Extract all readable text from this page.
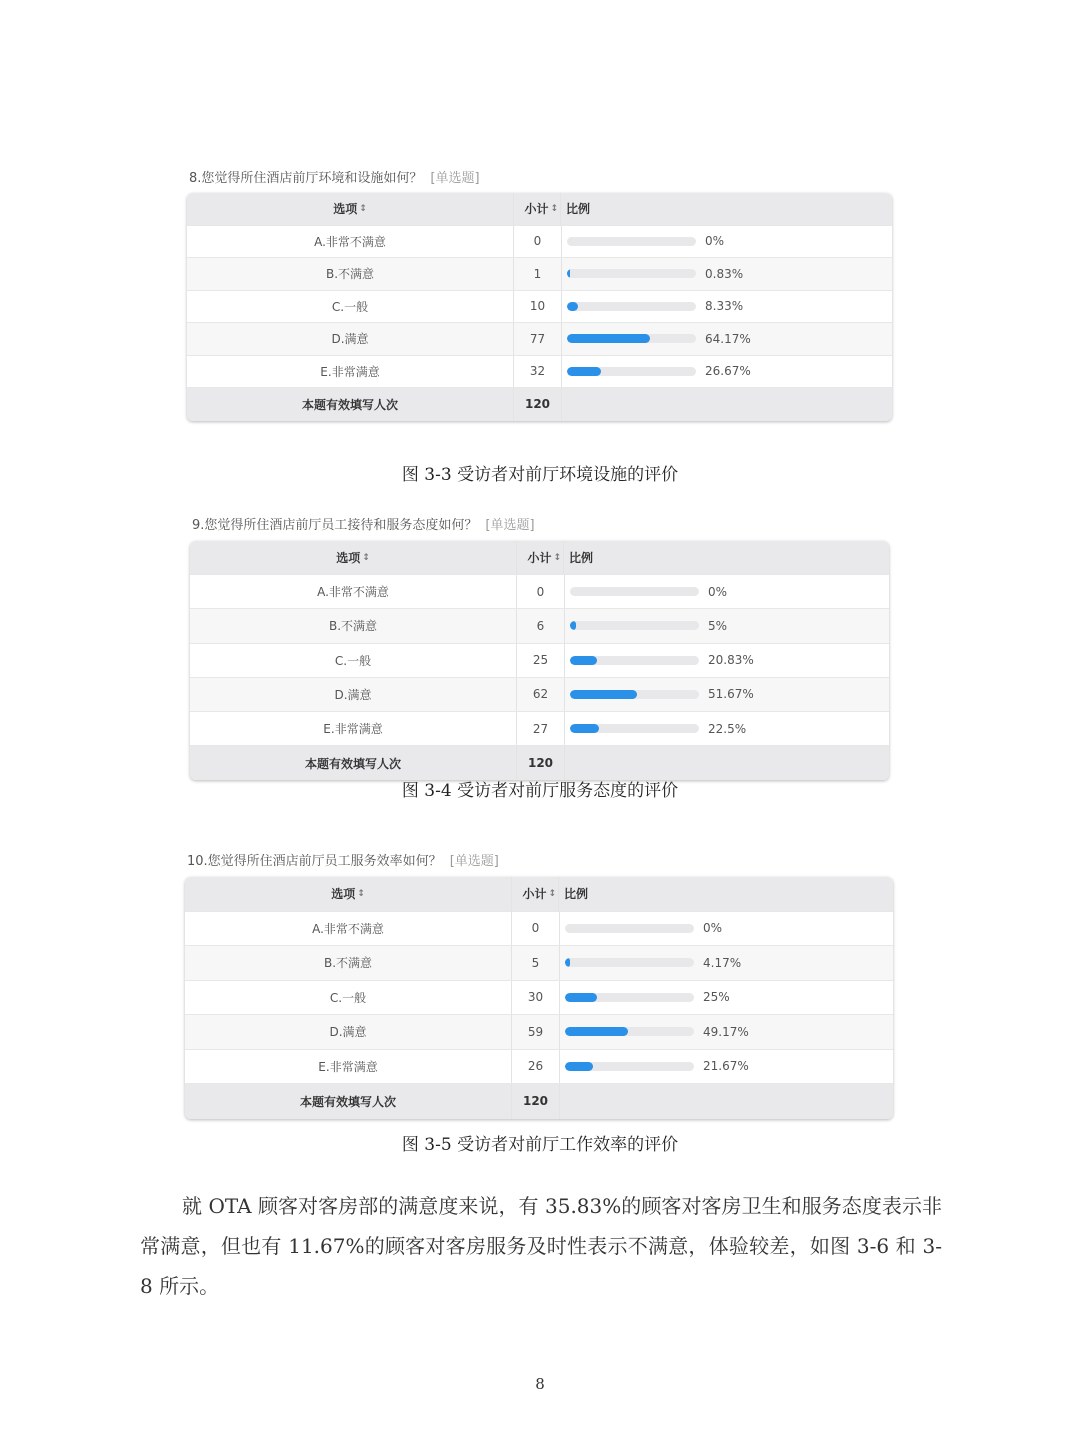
8.您觉得所住酒店前厅环境和设施如何？ [单选题]
选项 ↕	小计 ↕ 比例
A.非常不满意	0	0%
B.不满意	1	0.83%
C.一般	10	8.33%
D.满意	77	64.17%
E.非常满意	32	26.67%
本题有效填写人次	120
图 3-3 受访者对前厅环境设施的评价
9.您觉得所住酒店前厅员工接待和服务态度如何？ [单选题]
选项 ↕	小计 ↕ 比例
A.非常不满意	0	0%
B.不满意	6	5%
C.一般	25	20.83%
D.满意	62	51.67%
E.非常满意	27	22.5%
本题有效填写人次	120
图 3-4 受访者对前厅服务态度的评价
10.您觉得所住酒店前厅员工服务效率如何？ [单选题]
选项 ↕	小计 ↕ 比例
A.非常不满意	0	0%
B.不满意	5	4.17%
C.一般	30	25%
D.满意	59	49.17%
E.非常满意	26	21.67%
本题有效填写人次	120
图 3-5 受访者对前厅工作效率的评价
就 OTA 顾客对客房部的满意度来说，有 35.83%的顾客对客房卫生和服务态度表示非常满意，但也有 11.67%的顾客对客房服务及时性表示不满意，体验较差，如图 3-6 和 3-8 所示。
8
